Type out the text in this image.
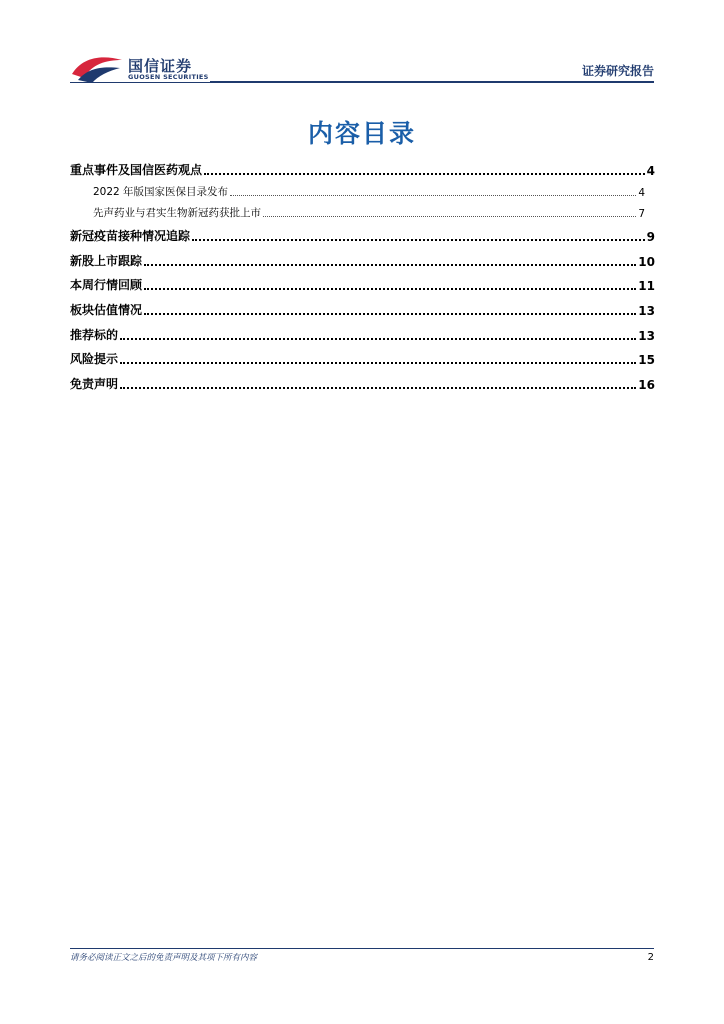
国信证券
GUOSEN SECURITIES	证券研究报告
内容目录
重点事件及国信医药观点	4
2022 年版国家医保目录发布	4
先声药业与君实生物新冠药获批上市	7
新冠疫苗接种情况追踪	9
新股上市跟踪	10
本周行情回顾	11
板块估值情况	13
推荐标的	13
风险提示	15
免责声明	16
请务必阅读正文之后的免责声明及其项下所有内容	2
